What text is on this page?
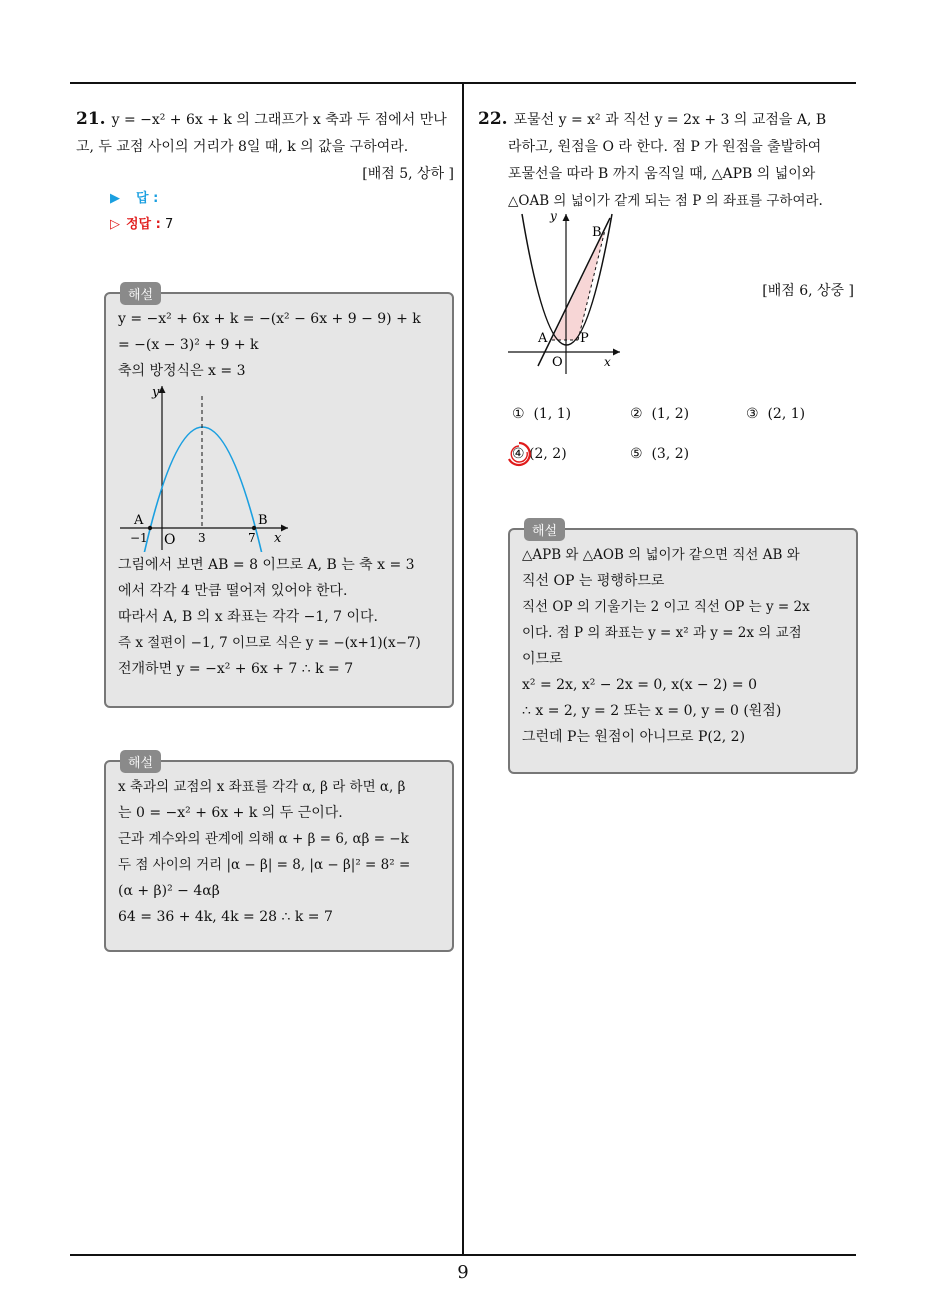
9
21. y = −x² + 6x + k 의 그래프가 x 축과 두 점에서 만나
고, 두 교점 사이의 거리가 8일 때, k 의 값을 구하여라.
[배점 5, 상하 ]
▶ 답 :
▷ 정답 : 7
해설
y = −x² + 6x + k = −(x² − 6x + 9 − 9) + k
= −(x − 3)² + 9 + k
축의 방정식은 x = 3
y
x
A	B
−1 O 3	7
그림에서 보면 AB = 8 이므로 A, B 는 축 x = 3
에서 각각 4 만큼 떨어져 있어야 한다.
따라서 A, B 의 x 좌표는 각각 −1, 7 이다.
즉 x 절편이 −1, 7 이므로 식은 y = −(x+1)(x−7)
전개하면 y = −x² + 6x + 7 ∴ k = 7
해설
x 축과의 교점의 x 좌표를 각각 α, β 라 하면 α, β
는 0 = −x² + 6x + k 의 두 근이다.
근과 계수와의 관계에 의해 α + β = 6, αβ = −k
두 점 사이의 거리 |α − β| = 8, |α − β|² = 8² =
(α + β)² − 4αβ
64 = 36 + 4k, 4k = 28 ∴ k = 7
22. 포물선 y = x² 과 직선 y = 2x + 3 의 교점을 A, B
라하고, 원점을 O 라 한다. 점 P 가 원점을 출발하여
포물선을 따라 B 까지 움직일 때, △APB 의 넓이와
△OAB 의 넓이가 같게 되는 점 P 의 좌표를 구하여라.
y
x
B
A	P
O
[배점 6, 상중 ]
① (1, 1)	② (1, 2)	③ (2, 1)
④ (2, 2)	⑤ (3, 2)
해설
△APB 와 △AOB 의 넓이가 같으면 직선 AB 와
직선 OP 는 평행하므로
직선 OP 의 기울기는 2 이고 직선 OP 는 y = 2x
이다. 점 P 의 좌표는 y = x² 과 y = 2x 의 교점
이므로
x² = 2x, x² − 2x = 0, x(x − 2) = 0
∴ x = 2, y = 2 또는 x = 0, y = 0 (원점)
그런데 P는 원점이 아니므로 P(2, 2)
